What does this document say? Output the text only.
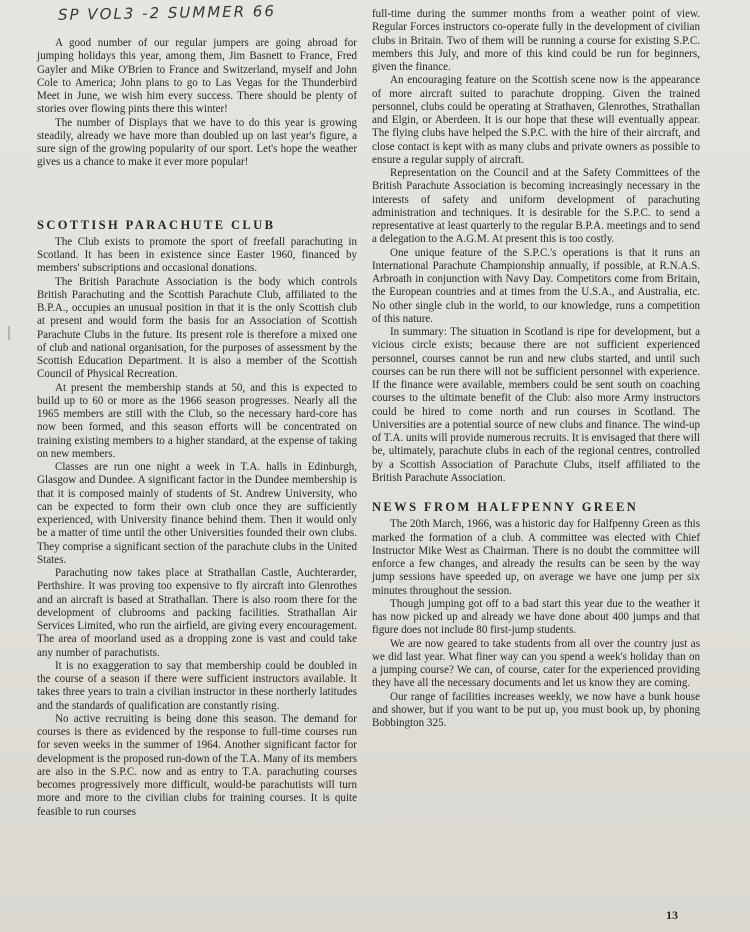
SP VOL3 -2 SUMMER 66

A good number of our regular jumpers are going abroad for jumping holidays this year, among them, Jim Basnett to France, Fred Gayler and Mike O'Brien to France and Switzerland, myself and John Cole to America; John plans to go to Las Vegas for the Thunderbird Meet in June, we wish him every success. There should be plenty of stories over flowing pints there this winter!

The number of Displays that we have to do this year is growing steadily, already we have more than doubled up on last year's figure, a sure sign of the growing popularity of our sport. Let's hope the weather gives us a chance to make it ever more popular!

SCOTTISH PARACHUTE CLUB

The Club exists to promote the sport of freefall parachuting in Scotland. It has been in existence since Easter 1960, financed by members' subscriptions and occasional donations.

The British Parachute Association is the body which controls British Parachuting and the Scottish Parachute Club, affiliated to the B.P.A., occupies an unusual position in that it is the only Scottish club at present and would form the basis for an Association of Scottish Parachute Clubs in the future. Its present role is therefore a mixed one of club and national organisation, for the purposes of assessment by the Scottish Education Department. It is also a member of the Scottish Council of Physical Recreation.

At present the membership stands at 50, and this is expected to build up to 60 or more as the 1966 season progresses. Nearly all the 1965 members are still with the Club, so the necessary hard-core has now been formed, and this season efforts will be concentrated on training existing members to a higher standard, at the expense of taking on new members.

Classes are run one night a week in T.A. halls in Edinburgh, Glasgow and Dundee. A significant factor in the Dundee membership is that it is composed mainly of students of St. Andrew University, who can be expected to form their own club once they are sufficiently experienced, with University finance behind them. Then it would only be a matter of time until the other Universities founded their own clubs. They comprise a significant section of the parachute clubs in the United States.

Parachuting now takes place at Strathallan Castle, Auchterarder, Perthshire. It was proving too expensive to fly aircraft into Glenrothes and an aircraft is based at Strathallan. There is also room there for the development of clubrooms and packing facilities. Strathallan Air Services Limited, who run the airfield, are giving every encouragement. The area of moorland used as a dropping zone is vast and could take any number of parachutists.

It is no exaggeration to say that membership could be doubled in the course of a season if there were sufficient instructors available. It takes three years to train a civilian instructor in these northerly latitudes and the standards of qualification are constantly rising.

No active recruiting is being done this season. The demand for courses is there as evidenced by the response to full-time courses run for seven weeks in the summer of 1964. Another significant factor for development is the proposed run-down of the T.A. Many of its members are also in the S.P.C. now and as entry to T.A. parachuting courses becomes progressively more difficult, would-be parachutists will turn more and more to the civilian clubs for training courses. It is quite feasible to run courses

full-time during the summer months from a weather point of view. Regular Forces instructors co-operate fully in the development of civilian clubs in Britain. Two of them will be running a course for existing S.P.C. members this July, and more of this kind could be run for beginners, given the finance.

An encouraging feature on the Scottish scene now is the appearance of more aircraft suited to parachute dropping. Given the trained personnel, clubs could be operating at Strathaven, Glenrothes, Strathallan and Elgin, or Aberdeen. It is our hope that these will eventually appear. The flying clubs have helped the S.P.C. with the hire of their aircraft, and close contact is kept with as many clubs and private owners as possible to ensure a regular supply of aircraft.

Representation on the Council and at the Safety Committees of the British Parachute Association is becoming increasingly necessary in the interests of safety and uniform development of parachuting administration and techniques. It is desirable for the S.P.C. to send a representative at least quarterly to the regular B.P.A. meetings and to send a delegation to the A.G.M. At present this is too costly.

One unique feature of the S.P.C.'s operations is that it runs an International Parachute Championship annually, if possible, at R.N.A.S. Arbroath in conjunction with Navy Day. Competitors come from Britain, the European countries and at times from the U.S.A., and Australia, etc. No other single club in the world, to our knowledge, runs a competition of this nature.

In summary: The situation in Scotland is ripe for development, but a vicious circle exists; because there are not sufficient experienced personnel, courses cannot be run and new clubs started, and until such courses can be run there will not be sufficient personnel with experience. If the finance were available, members could be sent south on coaching courses to the ultimate benefit of the Club: also more Army instructors could be hired to come north and run courses in Scotland. The Universities are a potential source of new clubs and finance. The wind-up of T.A. units will provide numerous recruits. It is envisaged that there will be, ultimately, parachute clubs in each of the regional centres, controlled by a Scottish Association of Parachute Clubs, itself affiliated to the British Parachute Association.

NEWS FROM HALFPENNY GREEN

The 20th March, 1966, was a historic day for Halfpenny Green as this marked the formation of a club. A committee was elected with Chief Instructor Mike West as Chairman. There is no doubt the committee will enforce a few changes, and already the results can be seen by the way jump sessions have speeded up, on average we have one jump per six minutes throughout the session.

Though jumping got off to a bad start this year due to the weather it has now picked up and already we have done about 400 jumps and that figure does not include 80 first-jump students.

We are now geared to take students from all over the country just as we did last year. What finer way can you spend a week's holiday than on a jumping course? We can, of course, cater for the experienced providing they have all the necessary documents and let us know they are coming.

Our range of facilities increases weekly, we now have a bunk house and shower, but if you want to be put up, you must book up, by phoning Bobbington 325.

13
